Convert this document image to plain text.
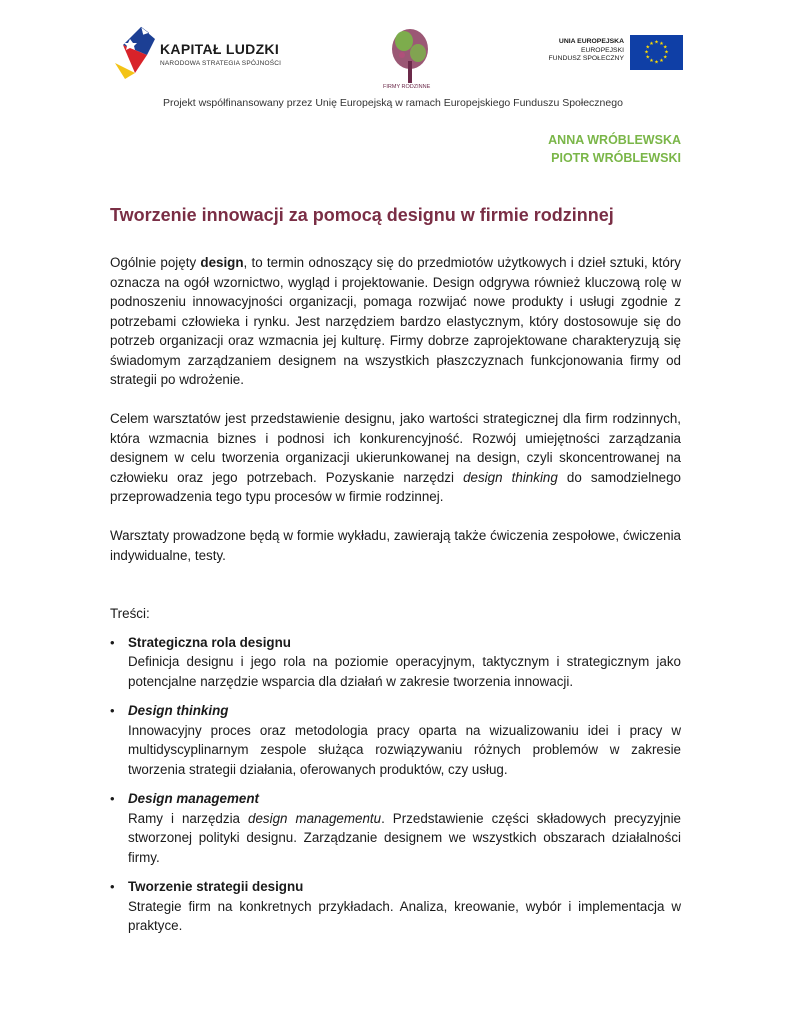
KAPITAŁ LUDZKI
NARODOWA STRATEGIA SPÓJNOŚCI
FIRMY RODZINNE
UNIA EUROPEJSKA
EUROPEJSKI
FUNDUSZ SPOŁECZNY
★ ★
★
★
★
★
★
★
★
★
★
★
Projekt współfinansowany przez Unię Europejską w ramach Europejskiego Funduszu Społecznego
ANNA WRÓBLEWSKA
PIOTR WRÓBLEWSKI
Tworzenie innowacji za pomocą designu w firmie rodzinnej

Ogólnie pojęty design, to termin odnoszący się do przedmiotów użytkowych i dzieł sztuki, który oznacza na ogół wzornictwo, wygląd i projektowanie. Design odgrywa również kluczową rolę w podnoszeniu innowacyjności organizacji, pomaga rozwijać nowe produkty i usługi zgodnie z potrzebami człowieka i rynku. Jest narzędziem bardzo elastycznym, który dostosowuje się do potrzeb organizacji oraz wzmacnia jej kulturę. Firmy dobrze zaprojektowane charakteryzują się świadomym zarządzaniem designem na wszystkich płaszczyznach funkcjonowania firmy od strategii po wdrożenie.

Celem warsztatów jest przedstawienie designu, jako wartości strategicznej dla firm rodzinnych, która wzmacnia biznes i podnosi ich konkurencyjność. Rozwój umiejętności zarządzania designem w celu tworzenia organizacji ukierunkowanej na design, czyli skoncentrowanej na człowieku oraz jego potrzebach. Pozyskanie narzędzi design thinking do samodzielnego przeprowadzenia tego typu procesów w firmie rodzinnej.

Warsztaty prowadzone będą w formie wykładu, zawierają także ćwiczenia zespołowe, ćwiczenia indywidualne, testy.

Treści:
• Strategiczna rola designu
Definicja designu i jego rola na poziomie operacyjnym, taktycznym i strategicznym jako potencjalne narzędzie wsparcia dla działań w zakresie tworzenia innowacji.
• Design thinking
Innowacyjny proces oraz metodologia pracy oparta na wizualizowaniu idei i pracy w multidyscyplinarnym zespole służąca rozwiązywaniu różnych problemów w zakresie tworzenia strategii działania, oferowanych produktów, czy usług.
• Design management
Ramy i narzędzia design managementu. Przedstawienie części składowych precyzyjnie stworzonej polityki designu. Zarządzanie designem we wszystkich obszarach działalności firmy.
• Tworzenie strategii designu
Strategie firm na konkretnych przykładach. Analiza, kreowanie, wybór i implementacja w praktyce.
